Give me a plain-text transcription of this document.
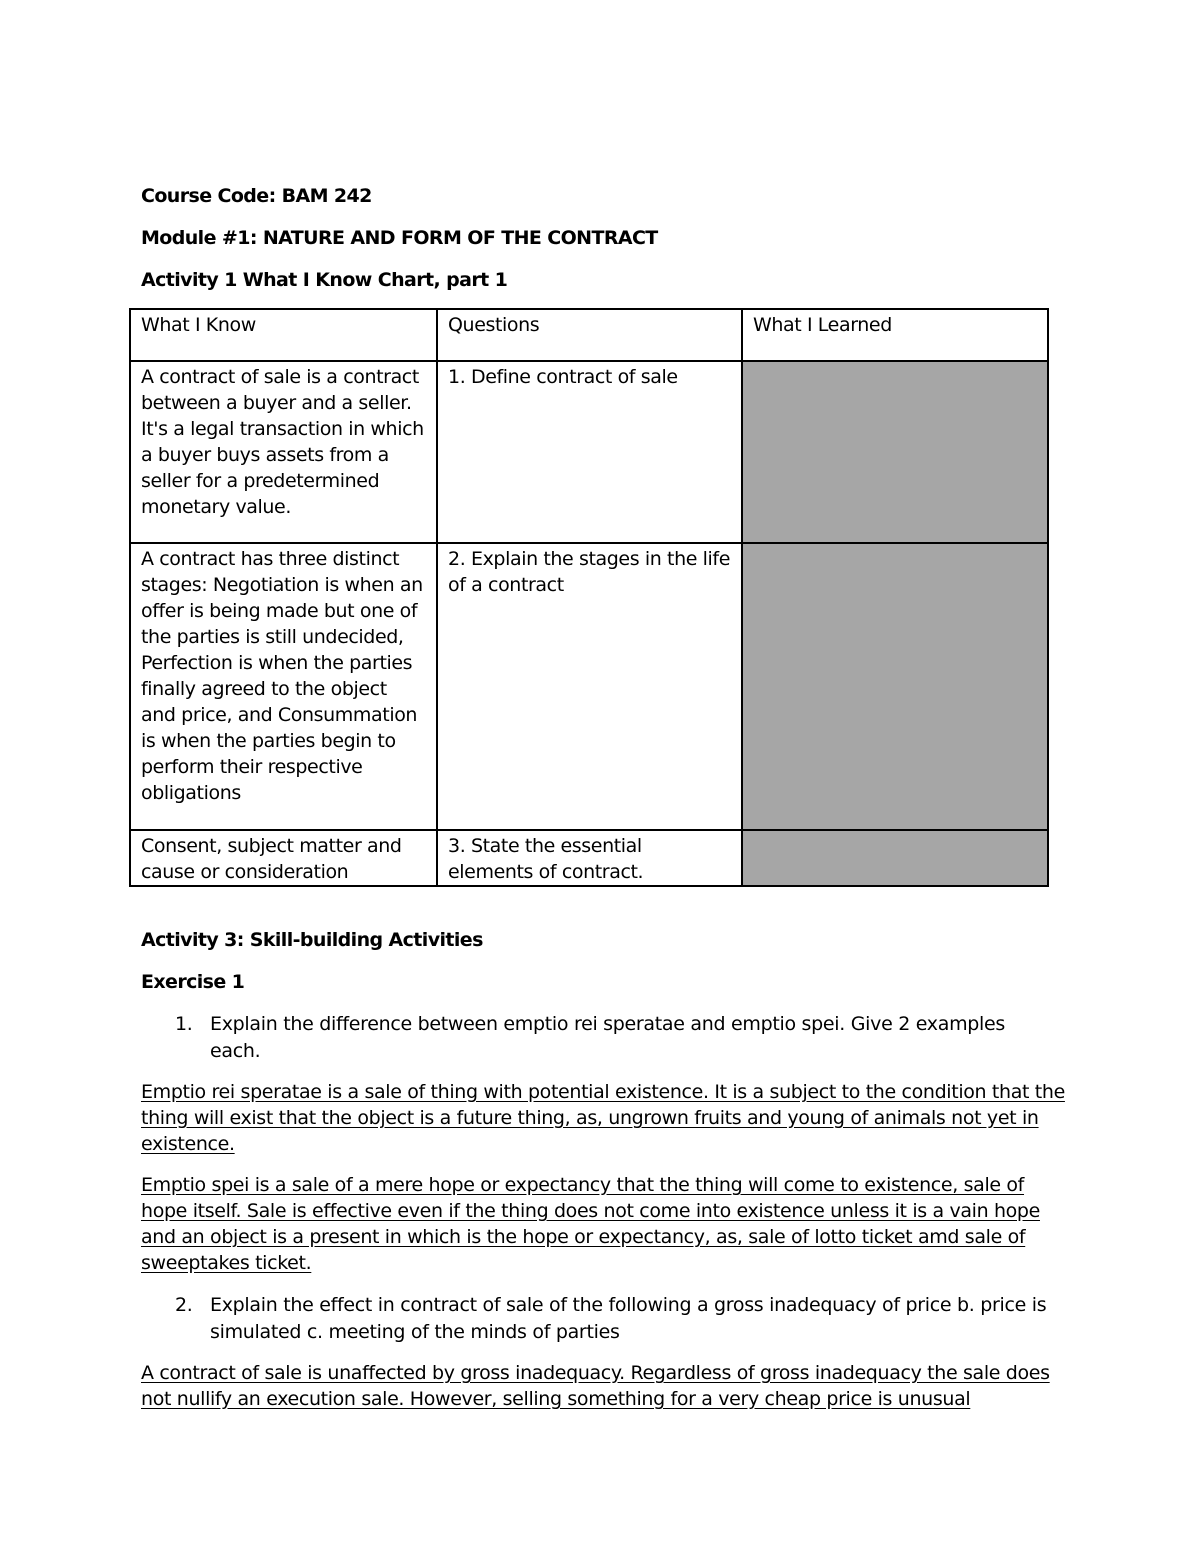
Course Code: BAM 242
Module #1: NATURE AND FORM OF THE CONTRACT
Activity 1 What I Know Chart, part 1
What I Know	Questions	What I Learned
A contract of sale is a contract between a buyer and a seller. It's a legal transaction in which a buyer buys assets from a seller for a predetermined monetary value.	1. Define contract of sale	
A contract has three distinct stages: Negotiation is when an offer is being made but one of the parties is still undecided, Perfection is when the parties finally agreed to the object and price, and Consummation is when the parties begin to perform their respective obligations	2. Explain the stages in the life of a contract	
Consent, subject matter and cause or consideration	3. State the essential elements of contract.	
Activity 3: Skill-building Activities
Exercise 1
1. Explain the difference between emptio rei speratae and emptio spei. Give 2 examples each.

Emptio rei speratae is a sale of thing with potential existence. It is a subject to the condition that the thing will exist that the object is a future thing, as, ungrown fruits and young of animals not yet in existence.

Emptio spei is a sale of a mere hope or expectancy that the thing will come to existence, sale of hope itself. Sale is effective even if the thing does not come into existence unless it is a vain hope and an object is a present in which is the hope or expectancy, as, sale of lotto ticket amd sale of sweeptakes ticket.

2. Explain the effect in contract of sale of the following a gross inadequacy of price b. price is simulated c. meeting of the minds of parties

A contract of sale is unaffected by gross inadequacy. Regardless of gross inadequacy the sale does not nullify an execution sale. However, selling something for a very cheap price is unusual
